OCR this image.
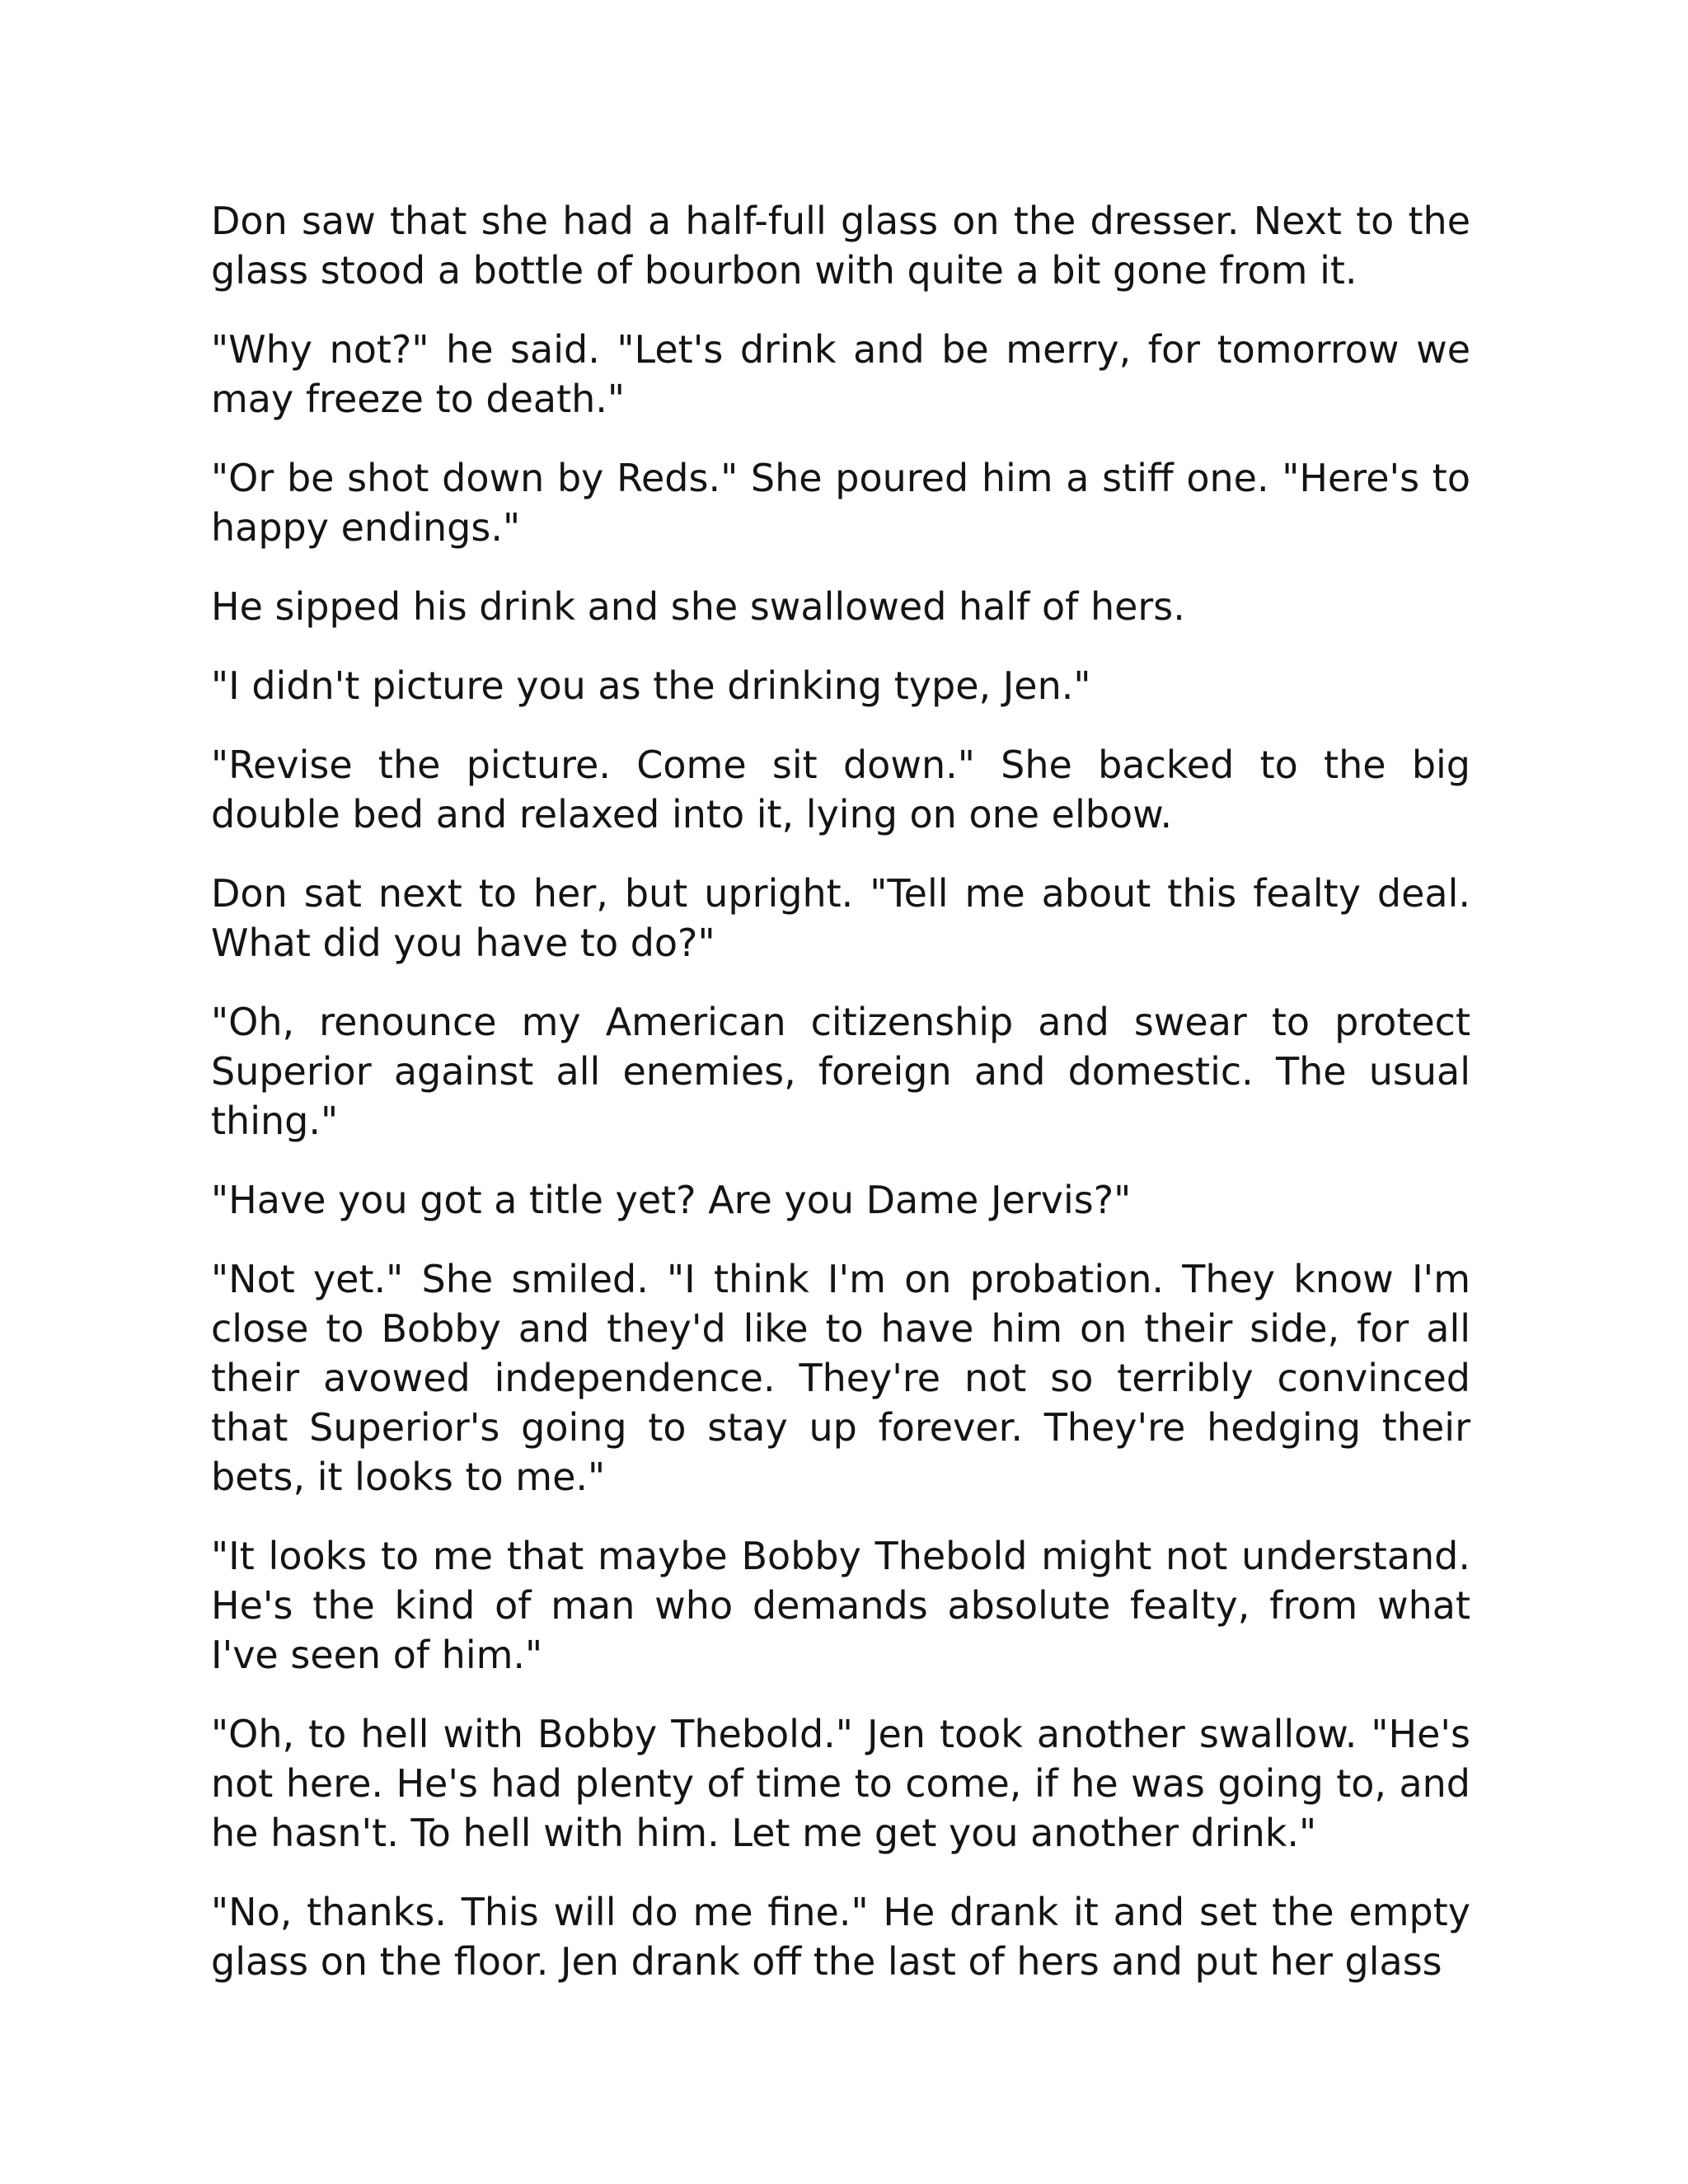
Don saw that she had a half-full glass on the dresser. Next to the glass stood a bottle of bourbon with quite a bit gone from it.

"Why not?" he said. "Let's drink and be merry, for tomorrow we may freeze to death."

"Or be shot down by Reds." She poured him a stiff one. "Here's to happy endings."

He sipped his drink and she swallowed half of hers.

"I didn't picture you as the drinking type, Jen."

"Revise the picture. Come sit down." She backed to the big double bed and relaxed into it, lying on one elbow.

Don sat next to her, but upright. "Tell me about this fealty deal. What did you have to do?"

"Oh, renounce my American citizenship and swear to protect Superior against all enemies, foreign and domestic. The usual thing."

"Have you got a title yet? Are you Dame Jervis?"

"Not yet." She smiled. "I think I'm on probation. They know I'm close to Bobby and they'd like to have him on their side, for all their avowed independence. They're not so terribly convinced that Superior's going to stay up forever. They're hedging their bets, it looks to me."

"It looks to me that maybe Bobby Thebold might not understand. He's the kind of man who demands absolute fealty, from what I've seen of him."

"Oh, to hell with Bobby Thebold." Jen took another swallow. "He's not here. He's had plenty of time to come, if he was going to, and he hasn't. To hell with him. Let me get you another drink."

"No, thanks. This will do me fine." He drank it and set the empty glass on the floor. Jen drank off the last of hers and put her glass
